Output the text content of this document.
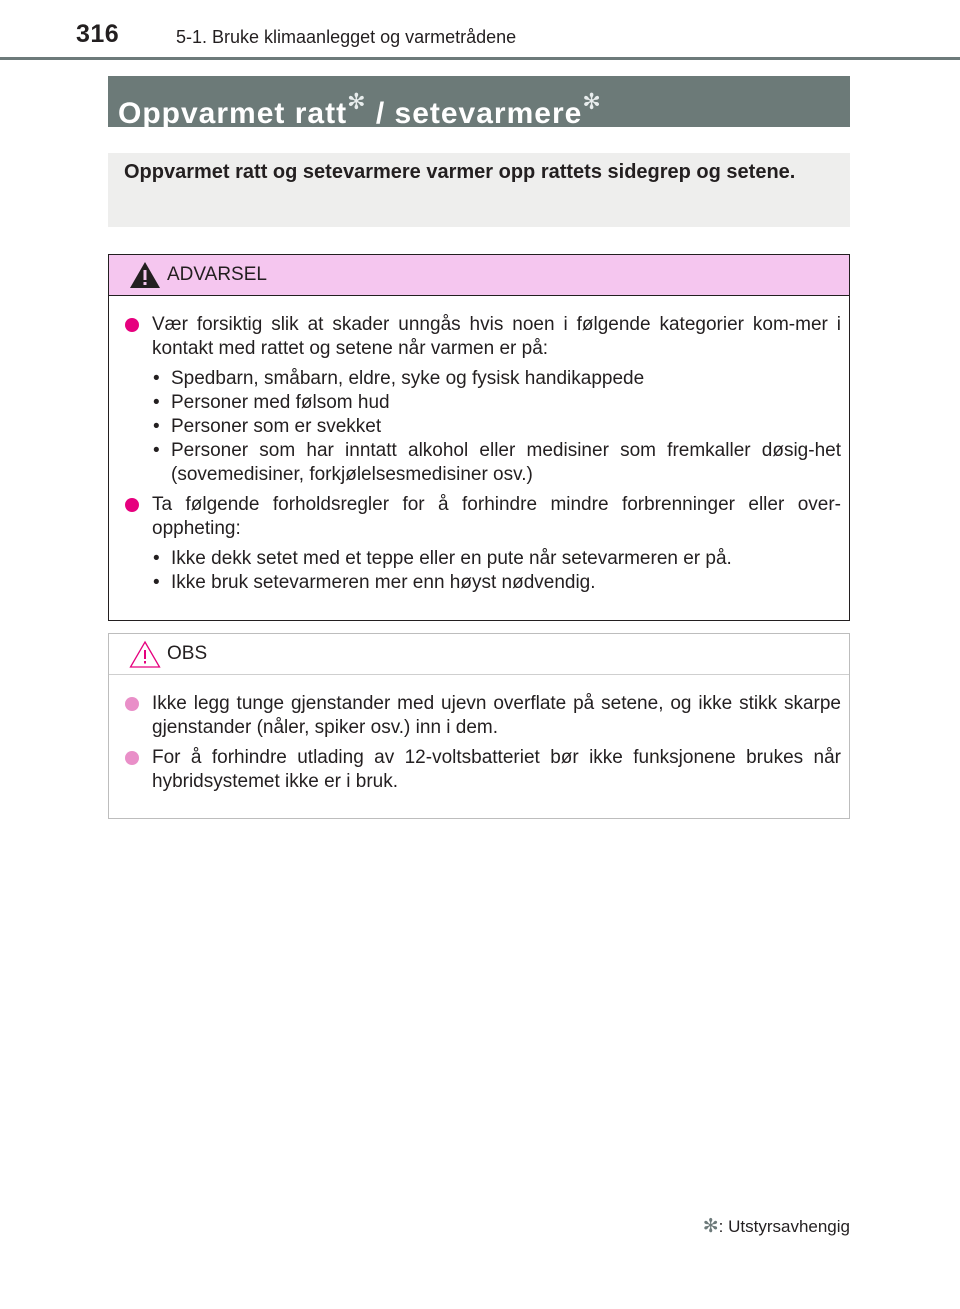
316	5-1. Bruke klimaanlegget og varmetrådene
Oppvarmet ratt✻ / setevarmere✻
Oppvarmet ratt og setevarmere varmer opp rattets sidegrep og setene.
ADVARSEL
Vær forsiktig slik at skader unngås hvis noen i følgende kategorier kom-mer i kontakt med rattet og setene når varmen er på:
• Spedbarn, småbarn, eldre, syke og fysisk handikappede
• Personer med følsom hud
• Personer som er svekket
• Personer som har inntatt alkohol eller medisiner som fremkaller døsig-het (sovemedisiner, forkjølelsesmedisiner osv.)
Ta følgende forholdsregler for å forhindre mindre forbrenninger eller over-oppheting:
• Ikke dekk setet med et teppe eller en pute når setevarmeren er på.
• Ikke bruk setevarmeren mer enn høyst nødvendig.
OBS
Ikke legg tunge gjenstander med ujevn overflate på setene, og ikke stikk skarpe gjenstander (nåler, spiker osv.) inn i dem.
For å forhindre utlading av 12-voltsbatteriet bør ikke funksjonene brukes når hybridsystemet ikke er i bruk.
✻: Utstyrsavhengig
